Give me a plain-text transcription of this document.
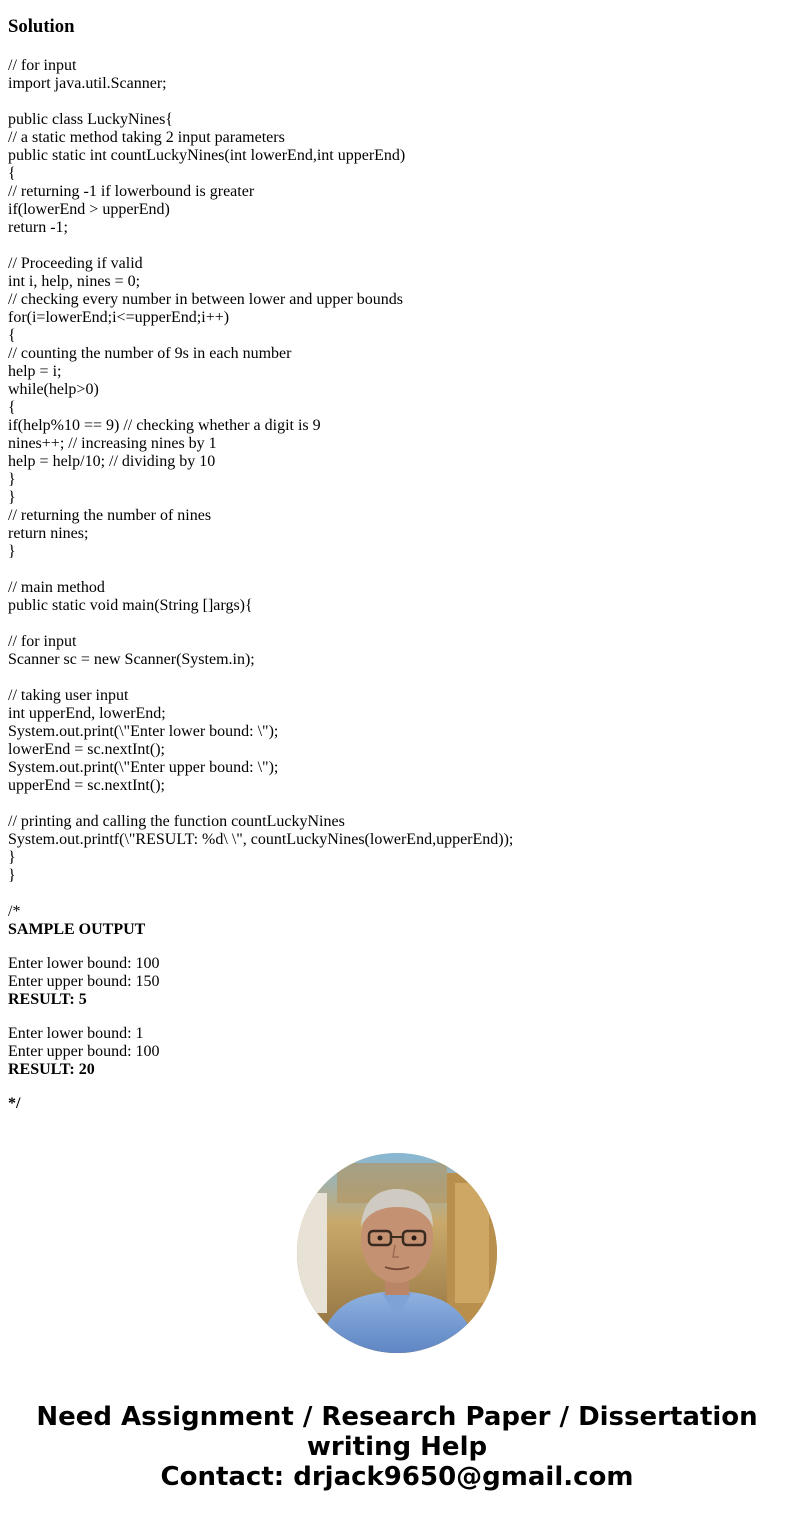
Solution
// for input
import java.util.Scanner;
public class LuckyNines{
// a static method taking 2 input parameters
public static int countLuckyNines(int lowerEnd,int upperEnd)
{
// returning -1 if lowerbound is greater
if(lowerEnd > upperEnd)
return -1;
// Proceeding if valid
int i, help, nines = 0;
// checking every number in between lower and upper bounds
for(i=lowerEnd;i<=upperEnd;i++)
{
// counting the number of 9s in each number
help = i;
while(help>0)
{
if(help%10 == 9) // checking whether a digit is 9
nines++; // increasing nines by 1
help = help/10; // dividing by 10
}
}
// returning the number of nines
return nines;
}
// main method
public static void main(String []args){
// for input
Scanner sc = new Scanner(System.in);
// taking user input
int upperEnd, lowerEnd;
System.out.print(\"Enter lower bound: \");
lowerEnd = sc.nextInt();
System.out.print(\"Enter upper bound: \");
upperEnd = sc.nextInt();
// printing and calling the function countLuckyNines
System.out.printf(\"RESULT: %d\ \", countLuckyNines(lowerEnd,upperEnd));
}
}
/*
SAMPLE OUTPUT
Enter lower bound: 100
Enter upper bound: 150
RESULT: 5
Enter lower bound: 1
Enter upper bound: 100
RESULT: 20
*/
Need Assignment / Research Paper / Dissertation
writing Help
Contact: drjack9650@gmail.com
